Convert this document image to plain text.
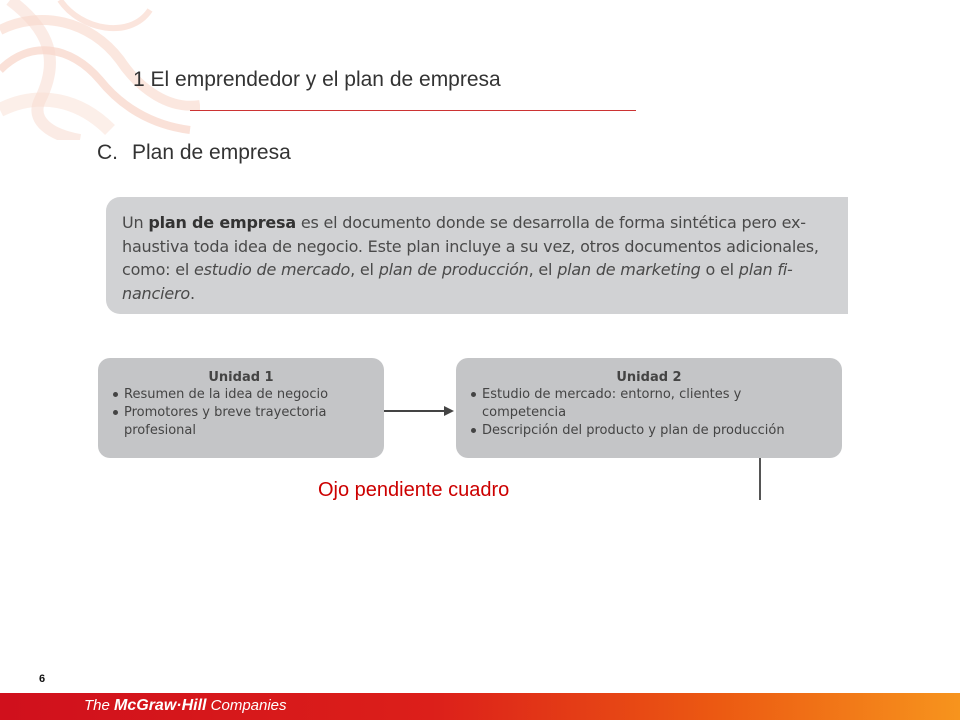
1 El emprendedor y el plan de empresa
C. Plan de empresa
Un plan de empresa es el documento donde se desarrolla de forma sintética pero ex-
haustiva toda idea de negocio. Este plan incluye a su vez, otros documentos adicionales,
como: el estudio de mercado, el plan de producción, el plan de marketing o el plan fi-
nanciero.
Unidad 1
Resumen de la idea de negocio
Promotores y breve trayectoria profesional
Unidad 2
Estudio de mercado: entorno, clientes y competencia
Descripción del producto y plan de producción
Ojo pendiente cuadro
6
The McGraw·Hill Companies
